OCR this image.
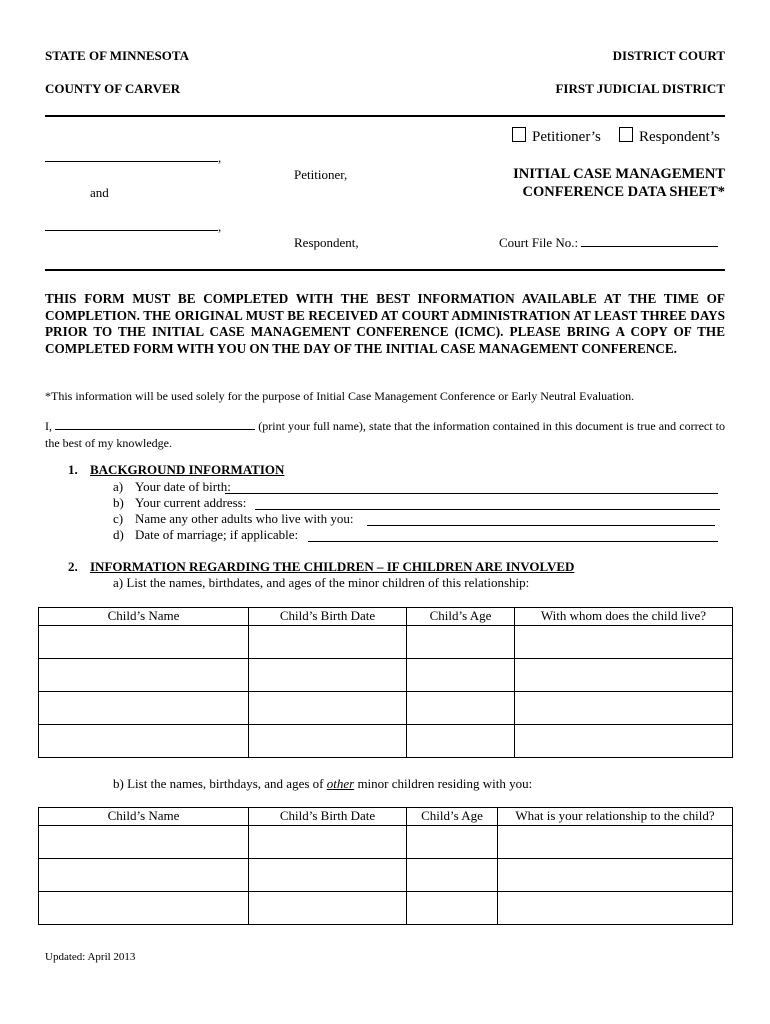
STATE OF MINNESOTA	DISTRICT COURT
COUNTY OF CARVER	FIRST JUDICIAL DISTRICT
Petitioner’s	Respondent’s
,
Petitioner,
and
INITIAL CASE MANAGEMENT
CONFERENCE DATA SHEET*
,
Respondent,	Court File No.:
THIS FORM MUST BE COMPLETED WITH THE BEST INFORMATION AVAILABLE AT THE TIME OF COMPLETION. THE ORIGINAL MUST BE RECEIVED AT COURT ADMINISTRATION AT LEAST THREE DAYS PRIOR TO THE INITIAL CASE MANAGEMENT CONFERENCE (ICMC). PLEASE BRING A COPY OF THE COMPLETED FORM WITH YOU ON THE DAY OF THE INITIAL CASE MANAGEMENT CONFERENCE.
*This information will be used solely for the purpose of Initial Case Management Conference or Early Neutral Evaluation.
I,	(print your full name), state that the information contained in this document is true and correct to the best of my knowledge.
1. BACKGROUND INFORMATION
a) Your date of birth:
b) Your current address:
c) Name any other adults who live with you:
d) Date of marriage; if applicable:
2. INFORMATION REGARDING THE CHILDREN – IF CHILDREN ARE INVOLVED
a) List the names, birthdates, and ages of the minor children of this relationship:
Child’s Name	Child’s Birth Date	Child’s Age	With whom does the child live?

b) List the names, birthdays, and ages of other minor children residing with you:
Child’s Name	Child’s Birth Date	Child’s Age	What is your relationship to the child?

Updated: April 2013
